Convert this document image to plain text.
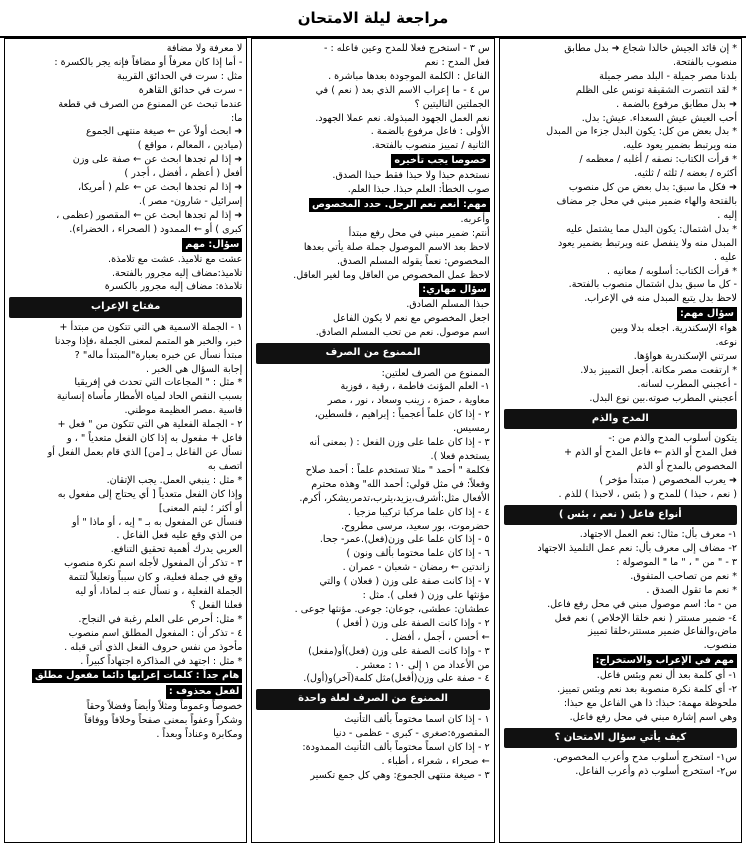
مراجعة ليلة الامتحان

* إن قائد الجيش خالدا شجاع ➜ بدل مطابق

منصوب بالفتحة.

بلدنا مصر جميلة - البلد مصر جميلة

* لقد انتصرت الشقيقة تونس على الظلم

➜ بدل مطابق مرفوع بالضمة .

أحب العيش عيش السعداء. عيش: بدل.

* بدل بعض من كل: يكون البدل جزءا من المبدل

منه ويرتبط بضمير يعود عليه.

* قرأت الكتاب: نصفه / أغلبه / معظمه /

أكثره / بعضه / ثلثه / ثلثيه.

➜ فكل ما سبق: بدل بعض من كل منصوب

بالفتحة والهاء ضمير مبني في محل جر مضاف

إليه .

* بدل اشتمال: يكون البدل مما يشتمل عليه

المبدل منه ولا ينفصل عنه ويرتبط بضمير يعود

عليه .

* قرأت الكتاب: أسلوبه / معانيه .

- كل ما سبق بدل اشتمال منصوب بالفتحة.

لاحظ بدل يتبع المبدل منه في الإعراب.

سؤال مهم:

هواء الإسكندرية. اجعله بدلا وبين

نوعه.

سرتني الإسكندرية هواؤها.

* ارتفعت مصر مكانة. أجعل التمييز بدلا.

- أعجبني المطرب لسانه.

أعجبني المطرب صوته.بين نوع البدل.

المدح والذم

يتكون أسلوب المدح والذم من :-

فعل المدح أو الذم ← فاعل المدح أو الذم +

المخصوص بالمدح أو الذم

➜ يعرب المخصوص ( مبتدأ مؤخر )

( نعم ، حبذا ) للمدح و ( بئس ، لاحبذا ) للذم .

أنواع فاعل ( نعم ، بئس )

١- معرف بأل: مثال: نعم العمل الاجتهاد.

٢- مضاف إلى معرف بأل: نعم عمل التلميذ الاجتهاد

٣ - " من " ، " ما " الموصولة :

* نعم من تصاحب المتفوق.

* نعم ما تقول الصدق .

من - ما: اسم موصول مبني في محل رفع فاعل.

٤- ضمير مستتر ( نعم خلقا الإخلاص ) نعم فعل

ماض،والفاعل ضمير مستتر،خلقا تمييز

منصوب.

مهم في الإعراب والاستخراج:

١- أي كلمة بعد أل نعم وبئس فاعل.

٢- أي كلمة نكرة منصوبة بعد نعم وبئس تمييز.

ملحوظة مهمة: حبذا: ذا هي الفاعل مع حبذا:

وهي اسم إشارة مبني في محل رفع فاعل.

كيف يأتي سؤال الامتحان ؟

س١- استخرج أسلوب مدح وأعرب المخصوص.

س٢- استخرج أسلوب ذم وأعرب الفاعل.

س ٣ - استخرج فعلا للمدح وعين فاعله : -

فعل المدح : نعم

الفاعل : الكلمة الموجودة بعدها مباشرة .

س ٤ - ما إعراب الاسم الذي بعد ( نعم ) في

الجملتين التاليتين ؟

نعم العمل الجهود المبذولة. نعم عملا الجهود.

الأولى : فاعل مرفوع بالضمة .

الثانية / تمييز منصوب بالفتحة.

خصوصا يجب تأخيره

نستخدم حبذا ولا حبذا فقط حبذا الصدق.

صوب الخطأ: العلم حبذا. حبذا العلم.

مهم: أنعم نعم الرجل. حدد المخصوص

وأعربه.

أنتم: ضمير مبني في محل رفع مبتدأ

لاحظ بعد الاسم الموصول جملة صلة يأتي بعدها

المخصوص: نعماً يقوله المسلم الصدق.

لاحظ عمل المخصوص من العاقل وما لغير العاقل.

سؤال مهاري:

حبذا المسلم الصادق.

اجعل المخصوص مع نعم لا يكون الفاعل

اسم موصول. نعم من تحب المسلم الصادق.

الممنوع من الصرف

الممنوع من الصرف لعلتين:

١- العلم المؤنث فاطمة ، رقية ، فوزية

معاوية ، حمزة ، زينب وسعاد ، نور ، مصر

٢ - إذا كان علماً أعجمياً : إبراهيم ، فلسطين،

رمسيس.

٣ - إذا كان علما على وزن الفعل : ( بمعنى أنه

يستخدم فعلا ).

فكلمة " أحمد " مثلا تستخدم علماً : أحمد صلاح

وفعلاً: في مثل قولي: أحمد الله" وهذه محترم

الأفعال مثل:أشرف،يزيد،يثرب،تدمر،يشكر، أكرم.

٤ - إذا كان علما مركبا تركيبا مزجيا .

حضرموت، بور سعيد، مرسى مطروح.

٥ - إذا كان علما على وزن(فعل).عمر- جحا.

٦ - إذا كان علما مختوما بألف ونون )

زاندتين ← رمضان - شعبان - عمران .

٧ - إذا كانت صفة على وزن ( فعلان ) والتي

مؤنثها على وزن ( فعلى ). مثل :

عطشان: عطشى، جوعان: جوعى. مؤنثها جوعى .

٢ - وإذا كانت الصفة على وزن ( أفعل )

← أحسن ، أجمل ، أفضل .

٣ - وإذا كانت الصفة على وزن (فعل)أو(مفعل)

من الأعداد من ١ إلى ١٠ : معشر .

٤ - صفة على وزن(أفعل)مثل كلمة(آخر)و(أول).

الممنوع من الصرف لعلة واحدة

١ - إذا كان اسما مختوماً بألف التأنيث

المقصورة:صغرى - كبرى - عظمى - دنيا

٢ - إذا كان اسماً مختوماً بألف التأنيث الممدودة:

← صحراء ، شعراء ، أطباء .

٣ - صيغة منتهى الجموع: وهي كل جمع تكسير

لا معرفة ولا مضافة

- أما إذا كان معرفاً أو مضافاً فإنه يجر بالكسرة :

مثل : سرت في الحدائق القريبة

- سرت في حدائق القاهرة

عندما تبحث عن الممنوع من الصرف في قطعة

ما:

➜ ابحث أولاً عن ← صيغة منتهى الجموع

(ميادين ، المعالم ، مواقع )

➜ إذا لم تجدها ابحث عن ← صفة على وزن

أفعل ( أعظم ، أفضل ، أجدر )

➜ إذا لم تجدها ابحث عن ← علم ( أمريكا،

إسرائيل - شارون- مصر ).

➜ إذا لم تجدها ابحث عن ← المقصور (عظمى ،

كبرى ) أو ← الممدود ( الصحراء ، الخضراء).

سؤال: مهم

عشت مع تلاميذ. عشت مع تلامذة.

تلاميذ:مضاف إليه مجرور بالفتحة.

تلامذة: مضاف إليه مجرور بالكسرة

مفتاح الإعراب

١ - الجملة الاسمية هي التي تتكون من مبتدأ +

خبر، والخبر هو المتمم لمعنى الجملة ،فإذا وجدنا

مبتدأ نسأل عن خبره بعبارة"المبتدأ ماله" ?

إجابة السؤال هي الخبر .

* مثل : " المجاعات التي تحدث في إفريقيا

بسبب النقص الحاد لمياه الأمطار مأساة إنسانية

قاسية .مصر العظيمة موطني.

٢ - الجملة الفعلية هي التي تتكون من " فعل +

فاعل + مفعول به إذا كان الفعل متعدياً " ، و

نسأل عن الفاعل بـ [من] الذي قام بعمل الفعل أو

اتصف به

* مثل : ينبغي العمل. يجب الإتقان.

وإذا كان الفعل متعدياً [ أي يحتاج إلى مفعول به

أو أكثر ؛ ليتم المعنى]

فنسأل عن المفعول به بـ " إيه ، أو ماذا " أو

من الذي وقع عليه فعل الفاعل .

العربي يدرك أهمية تحقيق التنافع.

٣ - تذكر أن المفعول لأجله اسم نكرة منصوب

وقع في جملة فعلية، و كان سبباً وتعليلاً لتتمة

الجملة الفعلية ، و نسأل عنه بـ لماذا، أو ليه

فعلنا الفعل ؟

* مثل: أحرص على العلم رغبة في النجاح.

٤ - تذكر أن : المفعول المطلق اسم منصوب

مأخوذ من نفس حروف الفعل الذي أتى قبله .

* مثل : اجتهد في المذاكرة اجتهاداً كبيراً .

هام جداً : كلمات إعرابها دائما مفعول مطلق لفعل محذوف :

خصوصاً وعموماً ومثلاً وأيضاً وفضلاً وحقاً

وشكراً وعفواً بمعنى صفحاً وخلافاً ووفاقاً

ومكابرة وعناداً وبعداً .
